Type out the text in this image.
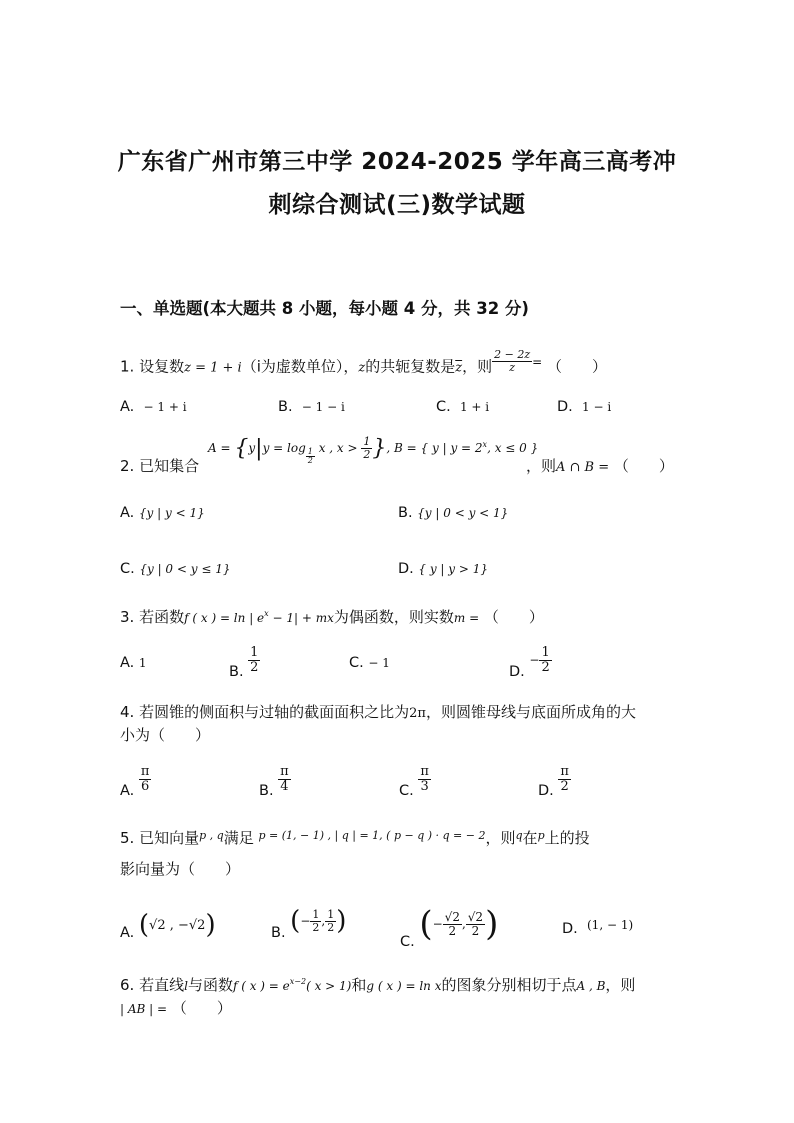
广东省广州市第三中学 2024-2025 学年高三高考冲
刺综合测试(三)数学试题
一、单选题(本大题共 8 小题，每小题 4 分，共 32 分)
1. 设复数z = 1 + i（i为虚数单位），z的共轭复数是$\overline{z}$，则 $\frac{2 - 2z}{z} ^=$ （　　）
A. − 1 + i	B. − 1 − i	C. 1 + i	D. 1 − i
2. 已知集合
$A = \{y|y = \log \frac{1}{2}$ x , $x > \frac{1}{2}$ }, B = { y | $y = 2^x$, x ≤ 0 }
，则A ∩ B = （　　）
A. {y | y < 1}	B. {y | 0 < y < 1}
C. {y | 0 < y ≤ 1}	D. { y | y > 1}
3. 若函数f ( x ) = ln | $e^x - 1|$ + mx为偶函数，则实数m = （　　）
A. 1
B. $\frac{1}{2}$	C. − 1
D. − $\frac{1}{2}$
4. 若圆锥的侧面积与过轴的截面面积之比为2π，则圆锥母线与底面所成角的大
小为（　　）
A. $\frac{\pi}{6}$	B. $\frac{\pi}{4}$	C. $\frac{\pi}{3}$	D. $\frac{\pi}{2}$
5. 已知向量$^{p , q}$满足 $^{p = (1, - 1) , | q | = 1, ( p - q ) \cdot q = - 2}$，则$^q$在$^p$上的投
影向量为（　　）
A. (√2 , −√2)	B. (− $\frac{1}{2}$ , $\frac{1}{2}$ )
C. (− $\frac{√2}{2}$ , $\frac{√2}{2}$ )	D. (1, − 1)
6. 若直线l与函数f ( x ) = $e^{x-2}$( x > 1)和g ( x ) = ln x的图象分别相切于点A , B，则
| AB | = （　　）
